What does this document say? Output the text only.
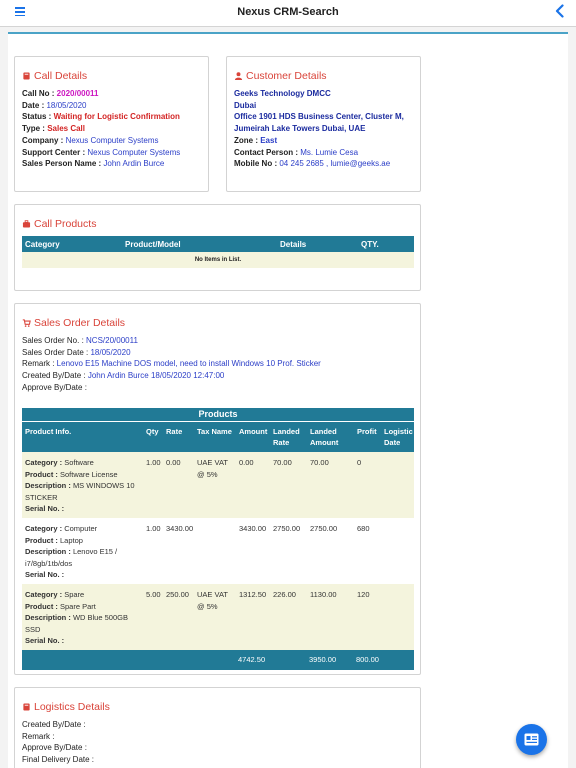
Nexus CRM-Search
Call Details
Call No : 2020/00011
Date : 18/05/2020
Status : Waiting for Logistic Confirmation
Type : Sales Call
Company : Nexus Computer Systems
Support Center : Nexus Computer Systems
Sales Person Name : John Ardin Burce
Customer Details
Geeks Technology DMCC
Dubai
Office 1901 HDS Business Center, Cluster M,
Jumeirah Lake Towers Dubai, UAE
Zone : East
Contact Person : Ms. Lumie Cesa
Mobile No : 04 245 2685 , lumie@geeks.ae
Call Products
Category	Product/Model	Details	QTY.
No Items in List.
Sales Order Details
Sales Order No. : NCS/20/00011
Sales Order Date : 18/05/2020
Remark : Lenovo E15 Machine DOS model, need to install Windows 10 Prof. Sticker
Created By/Date : John Ardin Burce 18/05/2020 12:47:00
Approve By/Date :
Products
Product Info.	Qty	Rate	Tax Name	Amount	Landed Rate	Landed Amount	Profit	Logistic Date

Category : Software
Product : Software License
Description : MS WINDOWS 10 STICKER
Serial No. :	1.00	0.00	UAE VAT @ 5%	0.00	70.00	70.00	0	

Category : Computer
Product : Laptop
Description : Lenovo E15 / i7/8gb/1tb/dos
Serial No. :	1.00	3430.00		3430.00	2750.00	2750.00	680	

Category : Spare
Product : Spare Part
Description : WD Blue 500GB SSD
Serial No. :	5.00	250.00	UAE VAT @ 5%	1312.50	226.00	1130.00	120	
				4742.50		3950.00	800.00	
Logistics Details
Created By/Date :
Remark :
Approve By/Date :
Final Delivery Date :
